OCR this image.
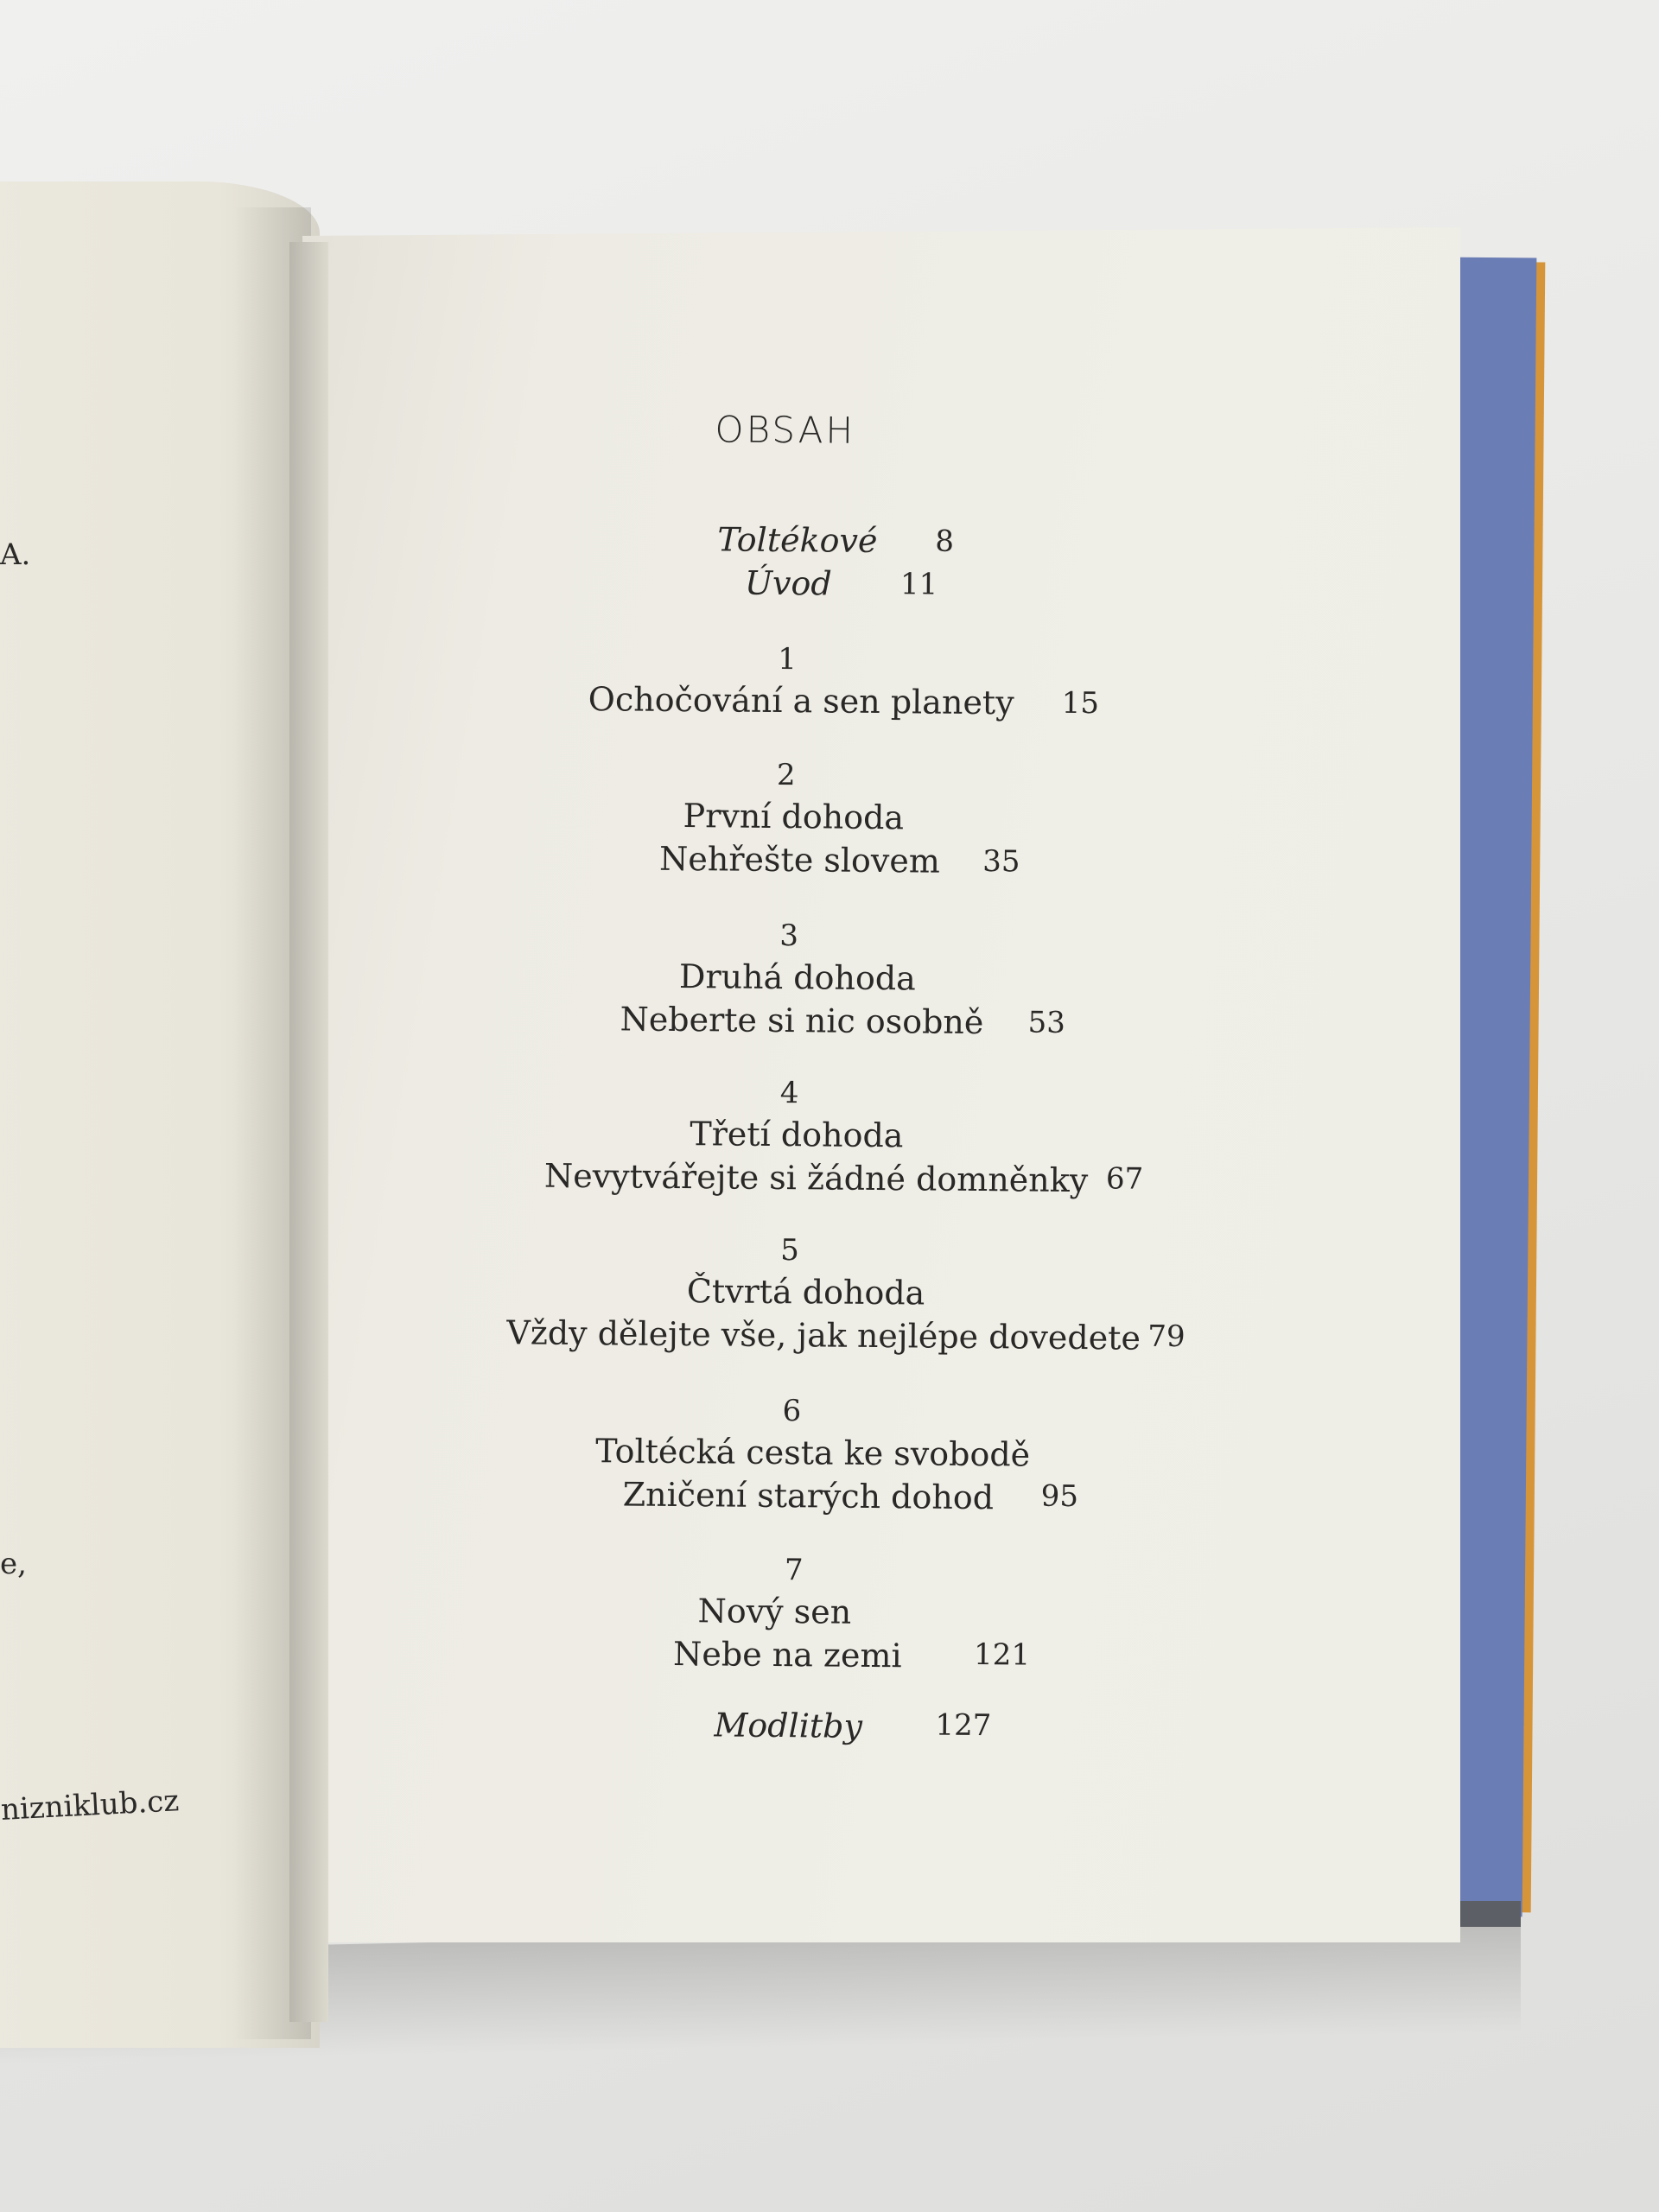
A.
e,
nizniklub.cz
OBSAH
Toltékové 8
Úvod 11
1
Ochočování a sen planety 15
2
První dohoda
Nehřešte slovem 35
3
Druhá dohoda
Neberte si nic osobně 53
4
Třetí dohoda
Nevytvářejte si žádné domněnky 67
5
Čtvrtá dohoda
Vždy dělejte vše, jak nejlépe dovedete 79
6
Toltécká cesta ke svobodě
Zničení starých dohod 95
7
Nový sen
Nebe na zemi 121
Modlitby 127
